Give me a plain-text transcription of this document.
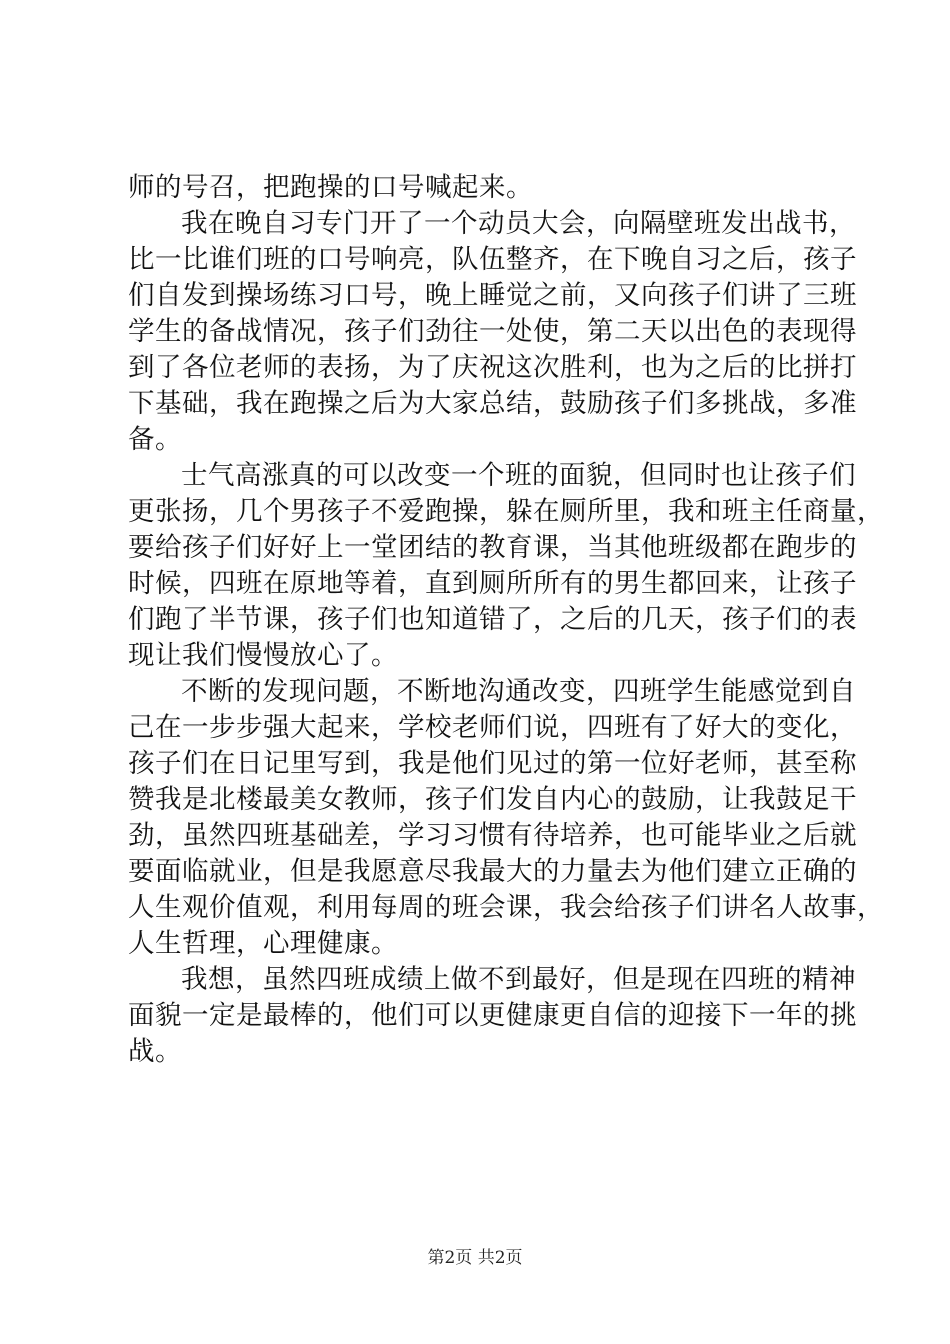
师的号召，把跑操的口号喊起来。
我在晚自习专门开了一个动员大会，向隔壁班发出战书，
比一比谁们班的口号响亮，队伍整齐，在下晚自习之后，孩子
们自发到操场练习口号，晚上睡觉之前，又向孩子们讲了三班
学生的备战情况，孩子们劲往一处使，第二天以出色的表现得
到了各位老师的表扬，为了庆祝这次胜利，也为之后的比拼打
下基础，我在跑操之后为大家总结，鼓励孩子们多挑战，多准
备。
士气高涨真的可以改变一个班的面貌，但同时也让孩子们
更张扬，几个男孩子不爱跑操，躲在厕所里，我和班主任商量，
要给孩子们好好上一堂团结的教育课，当其他班级都在跑步的
时候，四班在原地等着，直到厕所所有的男生都回来，让孩子
们跑了半节课，孩子们也知道错了，之后的几天，孩子们的表
现让我们慢慢放心了。
不断的发现问题，不断地沟通改变，四班学生能感觉到自
己在一步步强大起来，学校老师们说，四班有了好大的变化，
孩子们在日记里写到，我是他们见过的第一位好老师，甚至称
赞我是北楼最美女教师，孩子们发自内心的鼓励，让我鼓足干
劲，虽然四班基础差，学习习惯有待培养，也可能毕业之后就
要面临就业，但是我愿意尽我最大的力量去为他们建立正确的
人生观价值观，利用每周的班会课，我会给孩子们讲名人故事，
人生哲理，心理健康。
我想，虽然四班成绩上做不到最好，但是现在四班的精神
面貌一定是最棒的，他们可以更健康更自信的迎接下一年的挑
战。
第2页 共2页
